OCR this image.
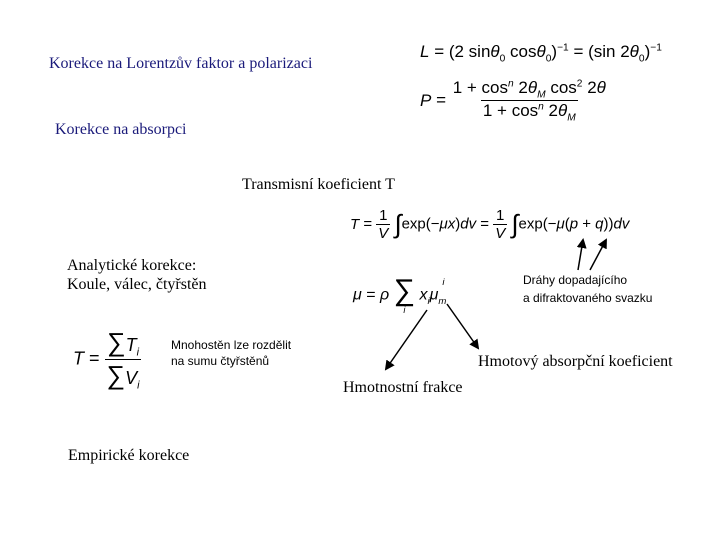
Korekce na Lorentzův faktor a polarizaci
Korekce na absorpci
L = (2 sinθ$_0$ cosθ$_0$)$^{-1}$ = (sin $2\theta_0)^{-1}$
$P = \frac{1 + \cos^n 2\theta_M \cos^2 2\theta}{1 + \cos^n 2\theta_M}$
Transmisní koeficient T
$T = \frac{1}{V} \int\exp(-\mu x)dv = \frac{1}{V} \int\exp(-\mu(p + q))dv$
Analytické korekce:
Koule, válec, čtyřstěn	Dráhy dopadajícího
a difraktovaného svazku
μ = ρ ∑
i
$x_i\mu_m^i$
$T = \frac{\sum T_i}{\sum V_i}$ Mnohostěn lze rozdělit
na sumu čtyřstěnů	Hmotový absorpční koeficient
Hmotnostní frakce
Empirické korekce
